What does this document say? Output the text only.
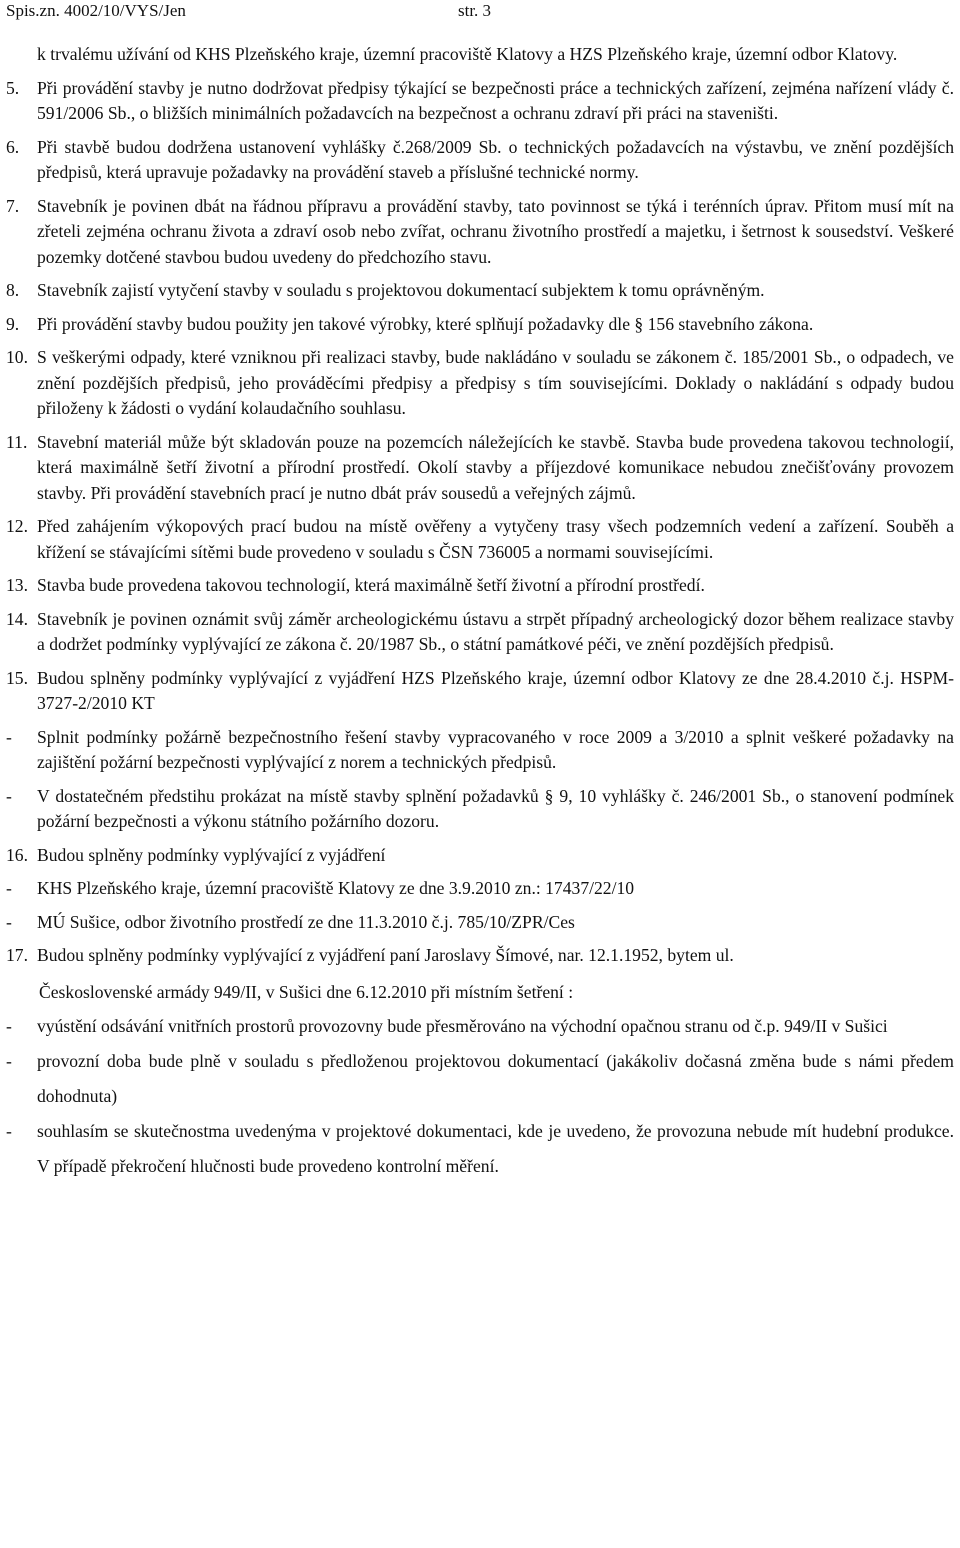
Spis.zn. 4002/10/VYS/Jen	str. 3
k trvalému užívání od KHS Plzeňského kraje, územní pracoviště Klatovy a HZS Plzeňského kraje, územní odbor Klatovy.
5.	Při provádění stavby je nutno dodržovat předpisy týkající se bezpečnosti práce a technických zařízení, zejména nařízení vlády č. 591/2006 Sb., o bližších minimálních požadavcích na bezpečnost a ochranu zdraví při práci na staveništi.
6.	Při stavbě budou dodržena ustanovení vyhlášky č.268/2009 Sb. o technických požadavcích na výstavbu, ve znění pozdějších předpisů, která upravuje požadavky na provádění staveb a příslušné technické normy.
7.	Stavebník je povinen dbát na řádnou přípravu a provádění stavby, tato povinnost se týká i terénních úprav. Přitom musí mít na zřeteli zejména ochranu života a zdraví osob nebo zvířat, ochranu životního prostředí a majetku, i šetrnost k sousedství. Veškeré pozemky dotčené stavbou budou uvedeny do předchozího stavu.
8.	Stavebník zajistí vytyčení stavby v souladu s projektovou dokumentací subjektem k tomu oprávněným.
9.	Při provádění stavby budou použity jen takové výrobky, které splňují požadavky dle § 156 stavebního zákona.
10. S veškerými odpady, které vzniknou při realizaci stavby, bude nakládáno v souladu se zákonem č. 185/2001 Sb., o odpadech, ve znění pozdějších předpisů, jeho prováděcími předpisy a předpisy s tím souvisejícími. Doklady o nakládání s odpady budou přiloženy k žádosti o vydání kolaudačního souhlasu.
11. Stavební materiál může být skladován pouze na pozemcích náležejících ke stavbě. Stavba bude provedena takovou technologií, která maximálně šetří životní a přírodní prostředí. Okolí stavby a příjezdové komunikace nebudou znečišťovány provozem stavby. Při provádění stavebních prací je nutno dbát práv sousedů a veřejných zájmů.
12. Před zahájením výkopových prací budou na místě ověřeny a vytyčeny trasy všech podzemních vedení a zařízení. Souběh a křížení se stávajícími sítěmi bude provedeno v souladu s ČSN 736005 a normami souvisejícími.
13. Stavba bude provedena takovou technologií, která maximálně šetří životní a přírodní prostředí.
14. Stavebník je povinen oznámit svůj záměr archeologickému ústavu a strpět případný archeologický dozor během realizace stavby a dodržet podmínky vyplývající ze zákona č. 20/1987 Sb., o státní památkové péči, ve znění pozdějších předpisů.
15. Budou splněny podmínky vyplývající z vyjádření HZS Plzeňského kraje, územní odbor Klatovy ze dne 28.4.2010 č.j. HSPM- 3727-2/2010 KT
-	Splnit podmínky požárně bezpečnostního řešení stavby vypracovaného v roce 2009 a 3/2010 a splnit veškeré požadavky na zajištění požární bezpečnosti vyplývající z norem a technických předpisů.
-	V dostatečném předstihu prokázat na místě stavby splnění požadavků § 9, 10 vyhlášky č. 246/2001 Sb., o stanovení podmínek požární bezpečnosti a výkonu státního požárního dozoru.
16. Budou splněny podmínky vyplývající z vyjádření
-	KHS Plzeňského kraje, územní pracoviště Klatovy ze dne 3.9.2010 zn.: 17437/22/10
-	MÚ Sušice, odbor životního prostředí ze dne 11.3.2010 č.j. 785/10/ZPR/Ces
17. Budou splněny podmínky vyplývající z vyjádření paní Jaroslavy Šímové, nar. 12.1.1952, bytem ul.
Československé armády 949/II, v Sušici dne 6.12.2010 při místním šetření :
-	vyústění odsávání vnitřních prostorů provozovny bude přesměrováno na východní opačnou stranu od č.p. 949/II v Sušici
-	provozní doba bude plně v souladu s předloženou projektovou dokumentací (jakákoliv dočasná změna bude s námi předem dohodnuta)
-	souhlasím se skutečnostma uvedenýma v projektové dokumentaci, kde je uvedeno, že provozuna nebude mít hudební produkce. V případě překročení hlučnosti bude provedeno kontrolní měření.
